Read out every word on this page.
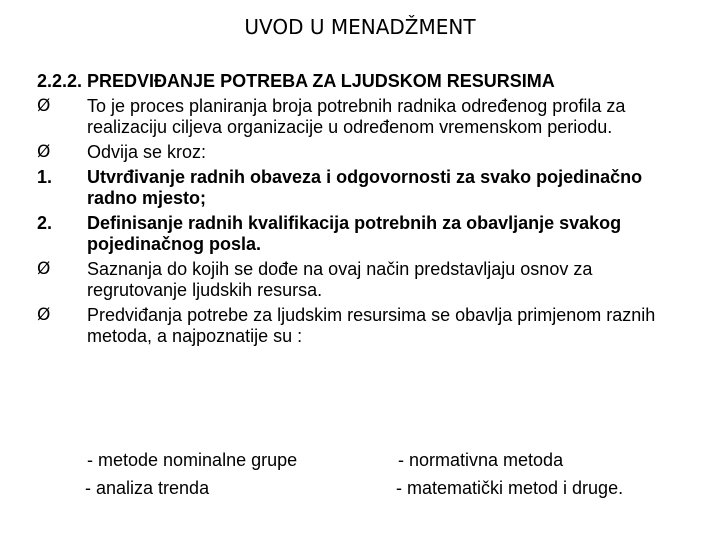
UVOD U MENADŽMENT
2.2.2. PREDVIĐANJE POTREBA ZA LJUDSKOM RESURSIMA
Ø	To je proces planiranja broja potrebnih radnika određenog profila za realizaciju ciljeva organizacije u određenom vremenskom periodu.
Ø	Odvija se kroz:
1.	Utvrđivanje radnih obaveza i odgovornosti za svako pojedinačno radno mjesto;
2.	Definisanje radnih kvalifikacija potrebnih za obavljanje svakog pojedinačnog posla.
Ø	Saznanja do kojih se dođe na ovaj način predstavljaju osnov za regrutovanje ljudskih resursa.
Ø	Predviđanja potrebe za ljudskim resursima se obavlja primjenom raznih metoda, a najpoznatije su :
- metode nominalne grupe	- normativna metoda
- analiza trenda	- matematički metod i druge.
